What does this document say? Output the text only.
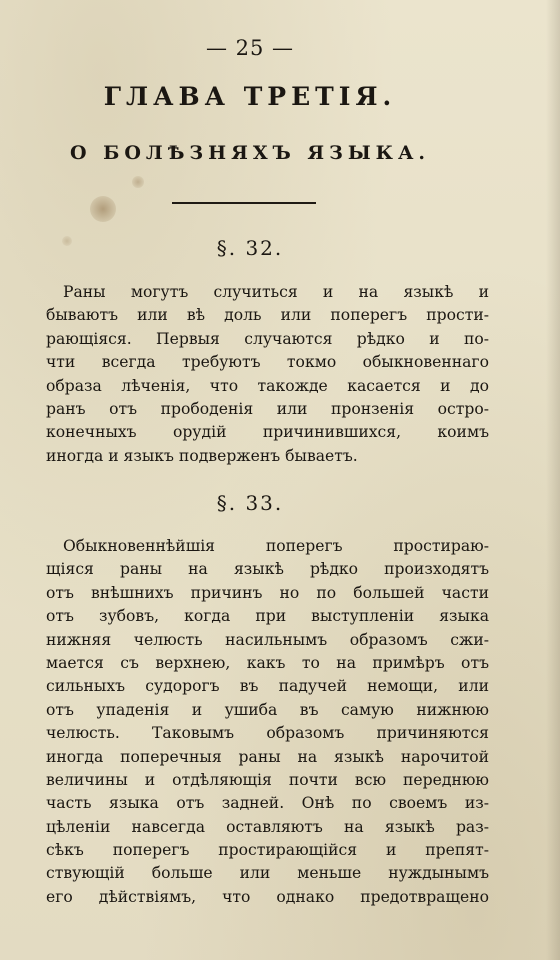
— 25 —
ГЛАВА ТРЕТІЯ.
О БОЛѢЗНЯХЪ ЯЗЫКА.
§. 32.
Раны могутъ случиться и на языкѣ и
бываютъ или вѣ доль или поперегъ прости-
рающіяся. Первыя случаются рѣдко и по-
чти всегда требуютъ токмо обыкновеннаго
образа лѣченія, что такожде касается и до
ранъ отъ прободенія или пронзенія остро-
конечныхъ орудій причинившихся, коимъ
иногда и языкъ подверженъ бываетъ.
§. 33.
Обыкновеннѣйшія поперегъ простираю-
щіяся раны на языкѣ рѣдко произходятъ
отъ внѣшнихъ причинъ но по большей части
отъ зубовъ, когда при выступленіи языка
нижняя челюсть насильнымъ образомъ сжи-
мается съ верхнею, какъ то на примѣръ отъ
сильныхъ судорогъ въ падучей немощи, или
отъ упаденія и ушиба въ самую нижнюю
челюсть. Таковымъ образомъ причиняются
иногда поперечныя раны на языкѣ нарочитой
величины и отдѣляющія почти всю переднюю
часть языка отъ задней. Онѣ по своемъ из-
цѣленіи навсегда оставляютъ на языкѣ раз-
сѣкъ поперегъ простирающійся и препят-
ствующій больше или меньше нуждынымъ
его дѣйствіямъ, что однако предотвращено
